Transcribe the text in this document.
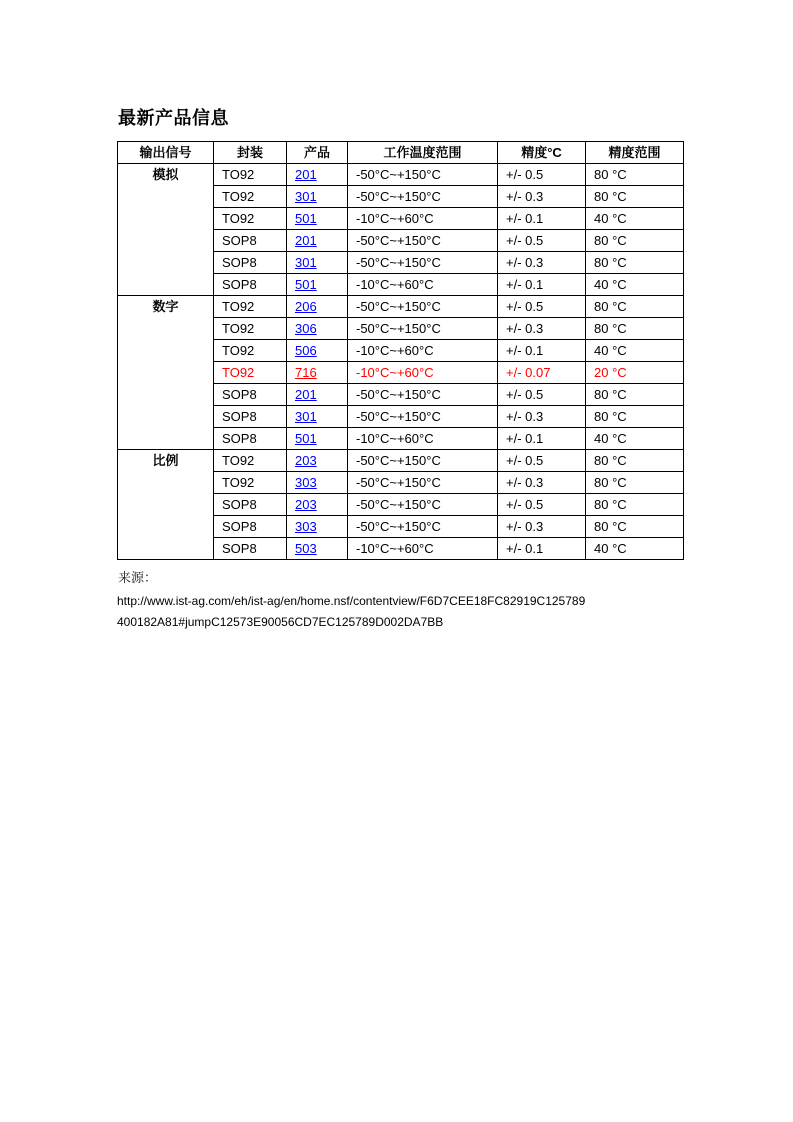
最新产品信息
输出信号	封装	产品	工作温度范围	精度°C	精度范围
模拟	TO92	201	-50°C~+150°C	+/- 0.5	80 °C
	TO92	301	-50°C~+150°C	+/- 0.3	80 °C
	TO92	501	-10°C~+60°C	+/- 0.1	40 °C
	SOP8	201	-50°C~+150°C	+/- 0.5	80 °C
	SOP8	301	-50°C~+150°C	+/- 0.3	80 °C
	SOP8	501	-10°C~+60°C	+/- 0.1	40 °C
数字	TO92	206	-50°C~+150°C	+/- 0.5	80 °C
	TO92	306	-50°C~+150°C	+/- 0.3	80 °C
	TO92	506	-10°C~+60°C	+/- 0.1	40 °C
	TO92	716	-10°C~+60°C	+/- 0.07	20 °C
	SOP8	201	-50°C~+150°C	+/- 0.5	80 °C
	SOP8	301	-50°C~+150°C	+/- 0.3	80 °C
	SOP8	501	-10°C~+60°C	+/- 0.1	40 °C
比例	TO92	203	-50°C~+150°C	+/- 0.5	80 °C
	TO92	303	-50°C~+150°C	+/- 0.3	80 °C
	SOP8	203	-50°C~+150°C	+/- 0.5	80 °C
	SOP8	303	-50°C~+150°C	+/- 0.3	80 °C
	SOP8	503	-10°C~+60°C	+/- 0.1	40 °C
来源：
http://www.ist-ag.com/eh/ist-ag/en/home.nsf/contentview/F6D7CEE18FC82919C125789
400182A81#jumpC12573E90056CD7EC125789D002DA7BB
